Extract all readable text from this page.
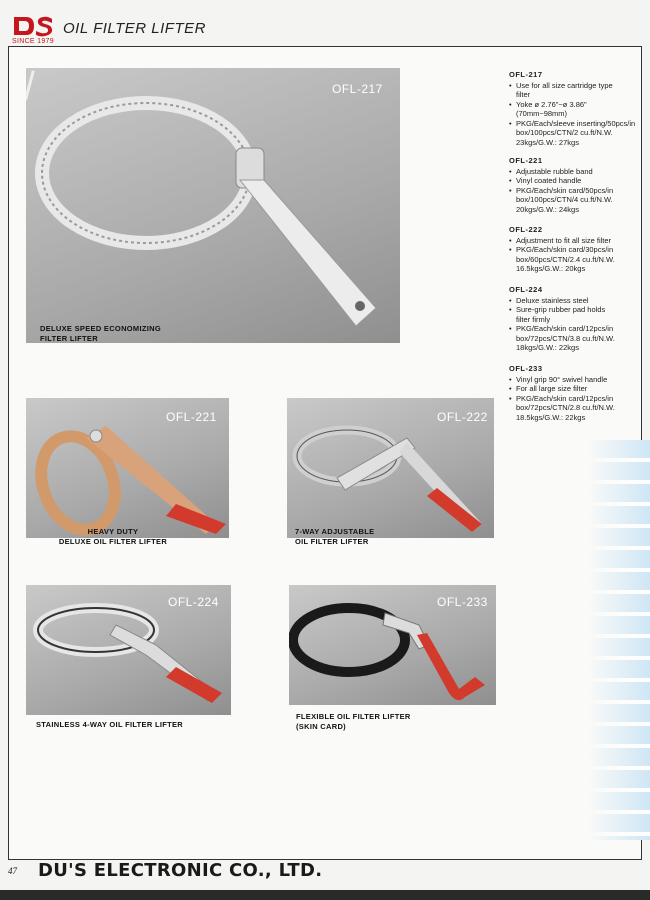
SINCE 1979
OIL FILTER LIFTER
OFL-217
DELUXE SPEED ECONOMIZING
FILTER LIFTER
OFL-221
HEAVY DUTY
DELUXE OIL FILTER LIFTER
OFL-222
7-WAY ADJUSTABLE
OIL FILTER LIFTER
OFL-224
STAINLESS 4-WAY OIL FILTER LIFTER
OFL-233
FLEXIBLE OIL FILTER LIFTER
(SKIN CARD)
OFL-217
• Use for all size cartridge type
filter
• Yoke ø 2.76"~ø 3.86"
(70mm~98mm)
• PKG/Each/sleeve inserting/50pcs/in
box/100pcs/CTN/2 cu.ft/N.W.
23kgs/G.W.: 27kgs
OFL-221
• Adjustable rubble band
• Vinyl coated handle
• PKG/Each/skin card/50pcs/in
box/100pcs/CTN/4 cu.ft/N.W.
20kgs/G.W.: 24kgs
OFL-222
• Adjustment to fit all size filter
• PKG/Each/skin card/30pcs/in
box/60pcs/CTN/2.4 cu.ft/N.W.
16.5kgs/G.W.: 20kgs
OFL-224
• Deluxe stainless steel
• Sure-grip rubber pad holds
filter firmly
• PKG/Each/skin card/12pcs/in
box/72pcs/CTN/3.8 cu.ft/N.W.
18kgs/G.W.: 22kgs
OFL-233
• Vinyl grip 90° swivel handle
• For all large size filter
• PKG/Each/skin card/12pcs/in
box/72pcs/CTN/2.8 cu.ft/N.W.
18.5kgs/G.W.: 22kgs
47 DU'S ELECTRONIC CO., LTD.
